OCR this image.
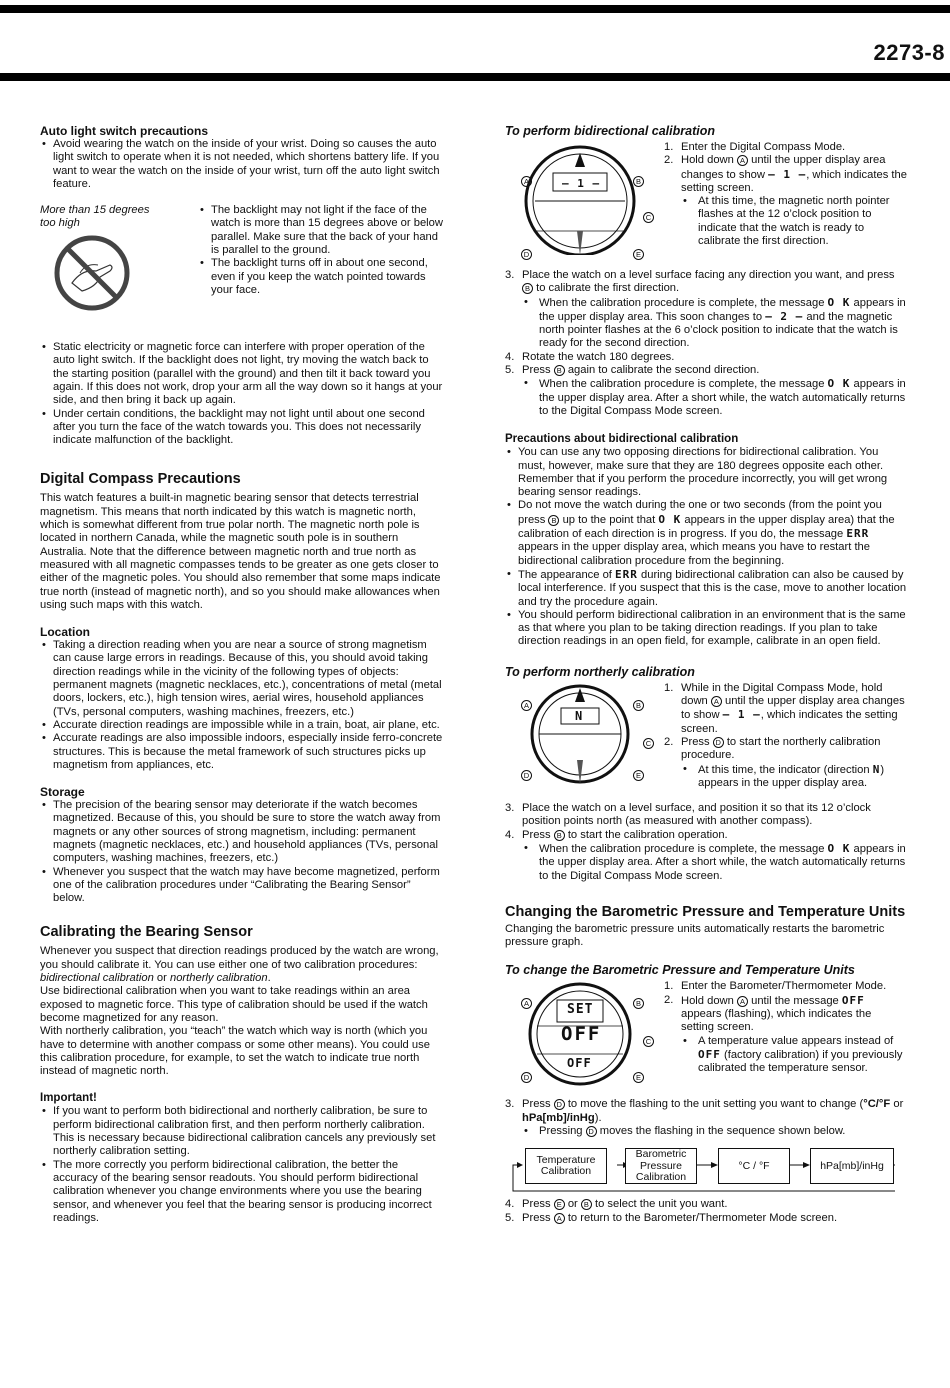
2273-8
Auto light switch precautions
• Avoid wearing the watch on the inside of your wrist. Doing so causes the auto light switch to operate when it is not needed, which shortens battery life. If you want to wear the watch on the inside of your wrist, turn off the auto light switch feature.
More than 15 degrees too high
• The backlight may not light if the face of the watch is more than 15 degrees above or below parallel. Make sure that the back of your hand is parallel to the ground.
• The backlight turns off in about one second, even if you keep the watch pointed towards your face.
• Static electricity or magnetic force can interfere with proper operation of the auto light switch. If the backlight does not light, try moving the watch back to the starting position (parallel with the ground) and then tilt it back toward you again. If this does not work, drop your arm all the way down so it hangs at your side, and then bring it back up again.
• Under certain conditions, the backlight may not light until about one second after you turn the face of the watch towards you. This does not necessarily indicate malfunction of the backlight.
Digital Compass Precautions

This watch features a built-in magnetic bearing sensor that detects terrestrial magnetism. This means that north indicated by this watch is magnetic north, which is somewhat different from true polar north. The magnetic north pole is located in northern Canada, while the magnetic south pole is in southern Australia. Note that the difference between magnetic north and true north as measured with all magnetic compasses tends to be greater as one gets closer to either of the magnetic poles. You should also remember that some maps indicate true north (instead of magnetic north), and so you should make allowances when using such maps with this watch.

Location
• Taking a direction reading when you are near a source of strong magnetism can cause large errors in readings. Because of this, you should avoid taking direction readings while in the vicinity of the following types of objects: permanent magnets (magnetic necklaces, etc.), concentrations of metal (metal doors, lockers, etc.), high tension wires, aerial wires, household appliances (TVs, personal computers, washing machines, freezers, etc.)
• Accurate direction readings are impossible while in a train, boat, air plane, etc.
• Accurate readings are also impossible indoors, especially inside ferro-concrete structures. This is because the metal framework of such structures picks up magnetism from appliances, etc.
Storage
• The precision of the bearing sensor may deteriorate if the watch becomes magnetized. Because of this, you should be sure to store the watch away from magnets or any other sources of strong magnetism, including: permanent magnets (magnetic necklaces, etc.) and household appliances (TVs, personal computers, washing machines, freezers, etc.)
• Whenever you suspect that the watch may have become magnetized, perform one of the calibration procedures under “Calibrating the Bearing Sensor” below.
Calibrating the Bearing Sensor

Whenever you suspect that direction readings produced by the watch are wrong, you should calibrate it. You can use either one of two calibration procedures: bidirectional calibration or northerly calibration.

Use bidirectional calibration when you want to take readings within an area exposed to magnetic force. This type of calibration should be used if the watch become magnetized for any reason.

With northerly calibration, you “teach” the watch which way is north (which you have to determine with another compass or some other means). You could use this calibration procedure, for example, to set the watch to indicate true north instead of magnetic north.

Important!
• If you want to perform both bidirectional and northerly calibration, be sure to perform bidirectional calibration first, and then perform northerly calibration. This is necessary because bidirectional calibration cancels any previously set northerly calibration setting.
• The more correctly you perform bidirectional calibration, the better the accuracy of the bearing sensor readouts. You should perform bidirectional calibration whenever you change environments where you use the bearing sensor, and whenever you feel that the bearing sensor is producing incorrect readings.
To perform bidirectional calibration
— 1 —
A	B
C
D	E
1. Enter the Digital Compass Mode.
2. Hold down A until the upper display area changes to show — 1 —, which indicates the setting screen.
• At this time, the magnetic north pointer flashes at the 12 o’clock position to indicate that the watch is ready to calibrate the first direction.
3. Place the watch on a level surface facing any direction you want, and press B to calibrate the first direction.
• When the calibration procedure is complete, the message O K appears in the upper display area. This soon changes to — 2 — and the magnetic north pointer flashes at the 6 o’clock position to indicate that the watch is ready for the second direction.
4. Rotate the watch 180 degrees.
5. Press B again to calibrate the second direction.
• When the calibration procedure is complete, the message O K appears in the upper display area. After a short while, the watch automatically returns to the Digital Compass Mode screen.
Precautions about bidirectional calibration
• You can use any two opposing directions for bidirectional calibration. You must, however, make sure that they are 180 degrees opposite each other. Remember that if you perform the procedure incorrectly, you will get wrong bearing sensor readings.
• Do not move the watch during the one or two seconds (from the point you press B up to the point that O K appears in the upper display area) that the calibration of each direction is in progress. If you do, the message ERR appears in the upper display area, which means you have to restart the bidirectional calibration procedure from the beginning.
• The appearance of ERR during bidirectional calibration can also be caused by local interference. If you suspect that this is the case, move to another location and try the procedure again.
• You should perform bidirectional calibration in an environment that is the same as that where you plan to be taking direction readings. If you plan to take direction readings in an open field, for example, calibrate in an open field.
To perform northerly calibration
N
A	B
C
D	E
1. While in the Digital Compass Mode, hold down A until the upper display area changes to show — 1 —, which indicates the setting screen.
2. Press D to start the northerly calibration procedure.
• At this time, the indicator (direction N) appears in the upper display area.
3. Place the watch on a level surface, and position it so that its 12 o’clock position points north (as measured with another compass).
4. Press B to start the calibration operation.
• When the calibration procedure is complete, the message O K appears in the upper display area. After a short while, the watch automatically returns to the Digital Compass Mode screen.
Changing the Barometric Pressure and Temperature Units

Changing the barometric pressure units automatically restarts the barometric pressure graph.

To change the Barometric Pressure and Temperature Units
SET
OFF
OFF
A	B
C
D	E
1. Enter the Barometer/Thermometer Mode.
2. Hold down A until the message OFF appears (flashing), which indicates the setting screen.
• A temperature value appears instead of OFF (factory calibration) if you previously calibrated the temperature sensor.
3. Press D to move the flashing to the unit setting you want to change (°C/°F or hPa[mb]/inHg).
• Pressing D moves the flashing in the sequence shown below.
Temperature Calibration
Barometric Pressure Calibration
°C / °F	hPa[mb]/inHg
4. Press E or B to select the unit you want.
5. Press A to return to the Barometer/Thermometer Mode screen.
